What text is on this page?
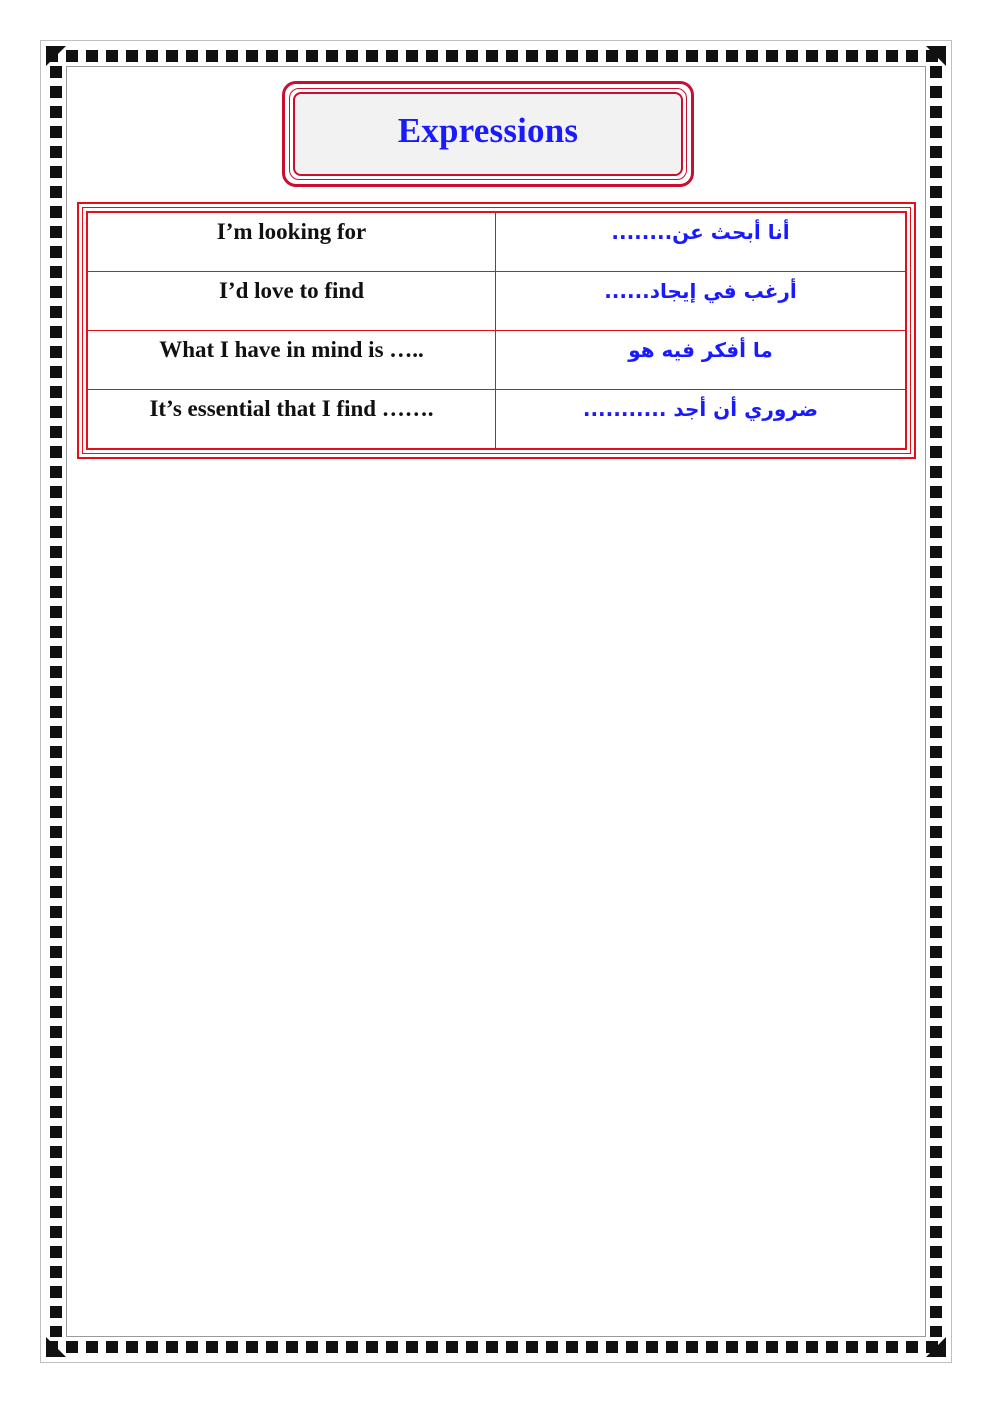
Expressions
I’m looking for	أنا أبحث عن........

I’d love to find	أرغب في إيجاد......

What I have in mind is …..	ما أفكر فيه هو

It’s essential that I find …….	ضروري أن أجد ...........
